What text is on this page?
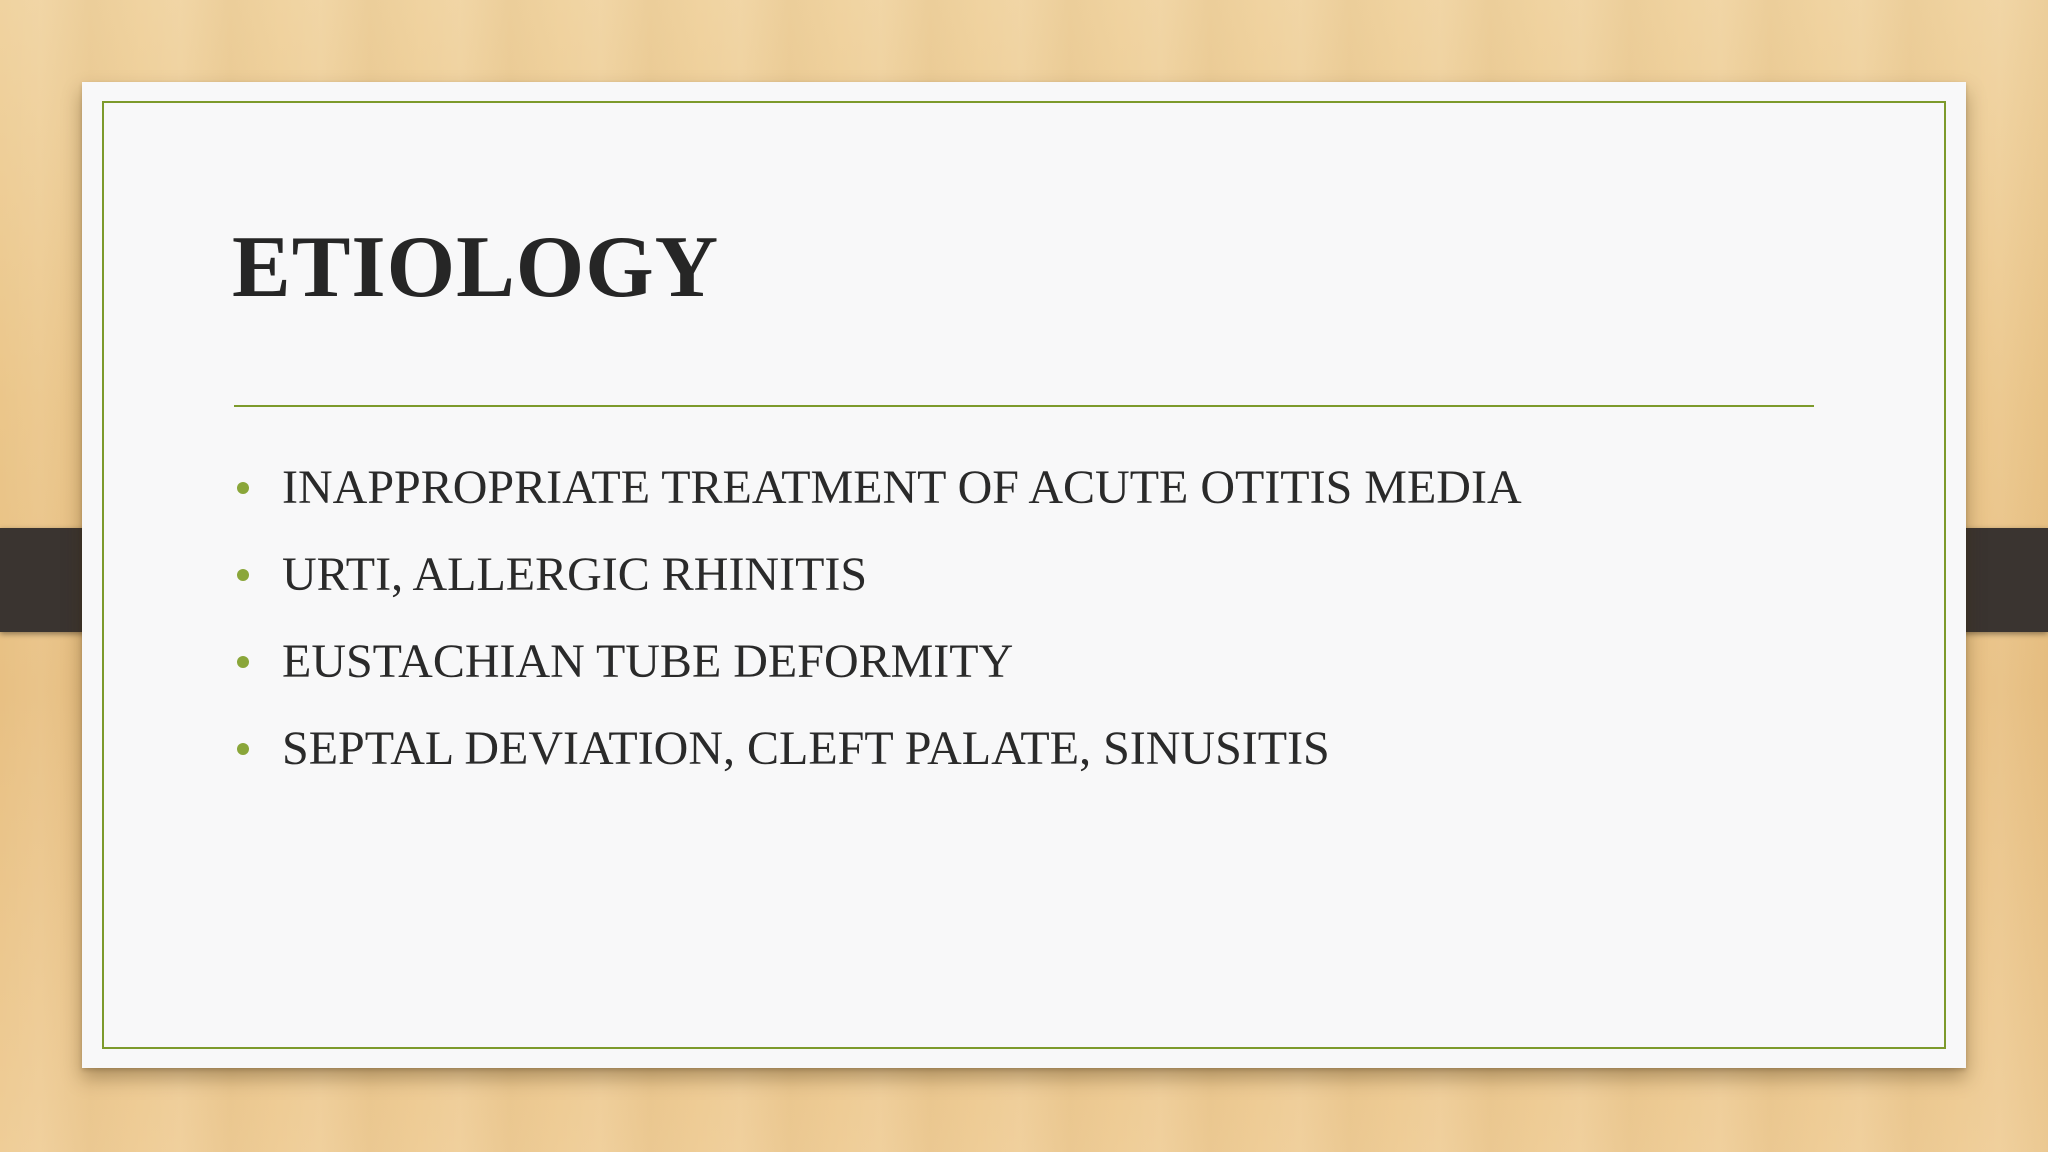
ETIOLOGY
INAPPROPRIATE TREATMENT OF ACUTE OTITIS MEDIA
URTI, ALLERGIC RHINITIS
EUSTACHIAN TUBE DEFORMITY
SEPTAL DEVIATION, CLEFT PALATE, SINUSITIS
